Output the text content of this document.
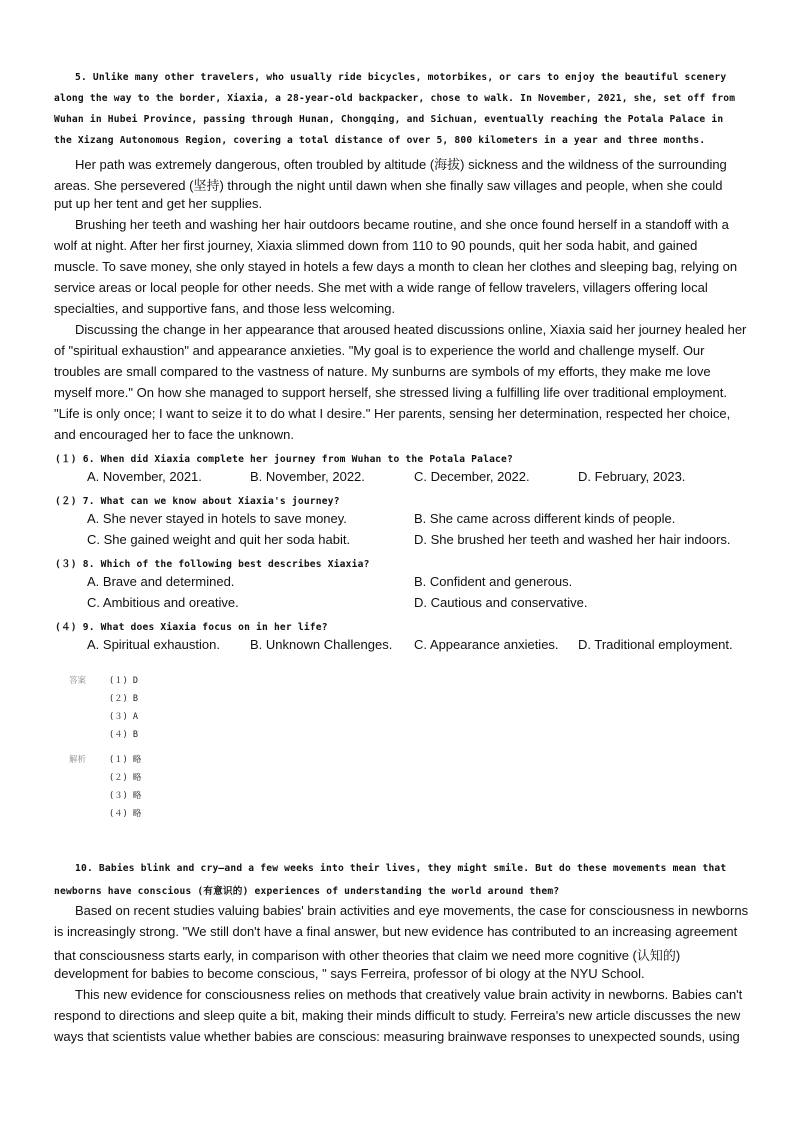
5. Unlike many other travelers, who usually ride bicycles, motorbikes, or cars to enjoy the beautiful scenery
along the way to the border, Xiaxia, a 28-year-old backpacker, chose to walk. In November, 2021, she, set off from
Wuhan in Hubei Province, passing through Hunan, Chongqing, and Sichuan, eventually reaching the Potala Palace in
the Xizang Autonomous Region, covering a total distance of over 5, 800 kilometers in a year and three months.
Her path was extremely dangerous, often troubled by altitude (海拔) sickness and the wildness of the surrounding
areas. She persevered (坚持) through the night until dawn when she finally saw villages and people, when she could
put up her tent and get her supplies.
Brushing her teeth and washing her hair outdoors became routine, and she once found herself in a standoff with a
wolf at night. After her first journey, Xiaxia slimmed down from 110 to 90 pounds, quit her soda habit, and gained
muscle. To save money, she only stayed in hotels a few days a month to clean her clothes and sleeping bag, relying on
service areas or local people for other needs. She met with a wide range of fellow travelers, villagers offering local
specialties, and supportive fans, and those less welcoming.
Discussing the change in her appearance that aroused heated discussions online, Xiaxia said her journey healed her
of "spiritual exhaustion" and appearance anxieties. "My goal is to experience the world and challenge myself. Our
troubles are small compared to the vastness of nature. My sunburns are symbols of my efforts, they make me love
myself more." On how she managed to support herself, she stressed living a fulfilling life over traditional employment.
"Life is only once; I want to seize it to do what I desire." Her parents, sensing her determination, respected her choice,
and encouraged her to face the unknown.
(１) 6. When did Xiaxia complete her journey from Wuhan to the Potala Palace?
A. November, 2021.	B. November, 2022.	C. December, 2022.	D. February, 2023.
(２) 7. What can we know about Xiaxia's journey?
A. She never stayed in hotels to save money.	B. She came across different kinds of people.
C. She gained weight and quit her soda habit.	D. She brushed her teeth and washed her hair indoors.
(３) 8. Which of the following best describes Xiaxia?
A. Brave and determined.	B. Confident and generous.
C. Ambitious and oreative.	D. Cautious and conservative.
(４) 9. What does Xiaxia focus on in her life?
A. Spiritual exhaustion. B. Unknown Challenges. C. Appearance anxieties. D. Traditional employment.
答案	(１) D
(２) B
(３) A
(４) B
解析	(１) 略
(２) 略
(３) 略
(４) 略
10. Babies blink and cry—and a few weeks into their lives, they might smile. But do these movements mean that
newborns have conscious (有意识的) experiences of understanding the world around them?
Based on recent studies valuing babies' brain activities and eye movements, the case for consciousness in newborns
is increasingly strong. "We still don't have a final answer, but new evidence has contributed to an increasing agreement
that consciousness starts early, in comparison with other theories that claim we need more cognitive (认知的)
development for babies to become conscious, " says Ferreira, professor of bi ology at the NYU School.
This new evidence for consciousness relies on methods that creatively value brain activity in newborns. Babies can't
respond to directions and sleep quite a bit, making their minds difficult to study. Ferreira's new article discusses the new
ways that scientists value whether babies are conscious: measuring brainwave responses to unexpected sounds, using
